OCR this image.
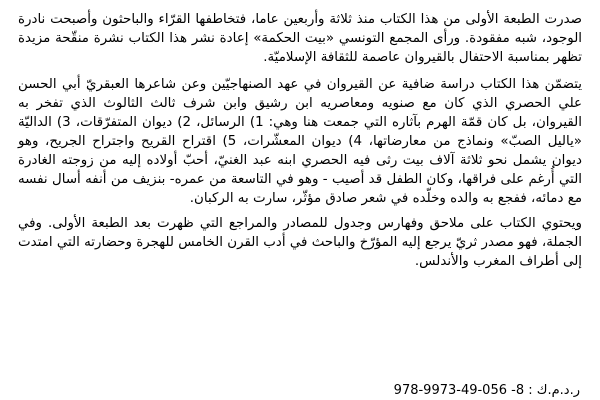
صدرت الطبعة الأولى من هذا الكتاب منذ ثلاثة وأربعين عاما، فتخاطفها القرّاء والباحثون وأصبحت نادرة الوجود، شبه مفقودة. ورأى المجمع التونسي «بيت الحكمة» إعادة نشر هذا الكتاب نشرة منقّحة مزيدة تظهر بمناسبة الاحتفال بالقيروان عاصمة للثقافة الإسلاميّة.

يتضمّن هذا الكتاب دراسة ضافية عن القيروان في عهد الصنهاجيّين وعن شاعرها العبقريّ أبي الحسن علي الحصري الذي كان مع صنويه ومعاصريه ابن رشيق وابن شرف ثالث الثالوث الذي تفخر به القيروان، بل كان قمّة الهرم بآثاره التي جمعت هنا وهي: 1) الرسائل، 2) ديوان المتفرّقات، 3) الداليّة «ياليل الصبّ» ونماذج من معارضاتها، 4) ديوان المعشّرات، 5) اقتراح القريح واجتراح الجريح، وهو ديوان يشمل نحو ثلاثة آلاف بيت رثى فيه الحصري ابنه عبد الغنيّ، أحبّ أولاده إليه من زوجته الغادرة التي أُرغم على فراقها، وكان الطفل قد أصيب - وهو في التاسعة من عمره- بنزيف من أنفه أسال نفسه مع دمائه، ففجع به والده وخلّده في شعر صادق مؤثّر، سارت به الركبان.

ويحتوي الكتاب على ملاحق وفهارس وجدول للمصادر والمراجع التي ظهرت بعد الطبعة الأولى. وفي الجملة، فهو مصدر ثريّ يرجع إليه المؤرّخ والباحث في أدب القرن الخامس للهجرة وحضارته التي امتدت إلى أطراف المغرب والأندلس.

ر.د.م.ك : 8- 978-9973-49-056
